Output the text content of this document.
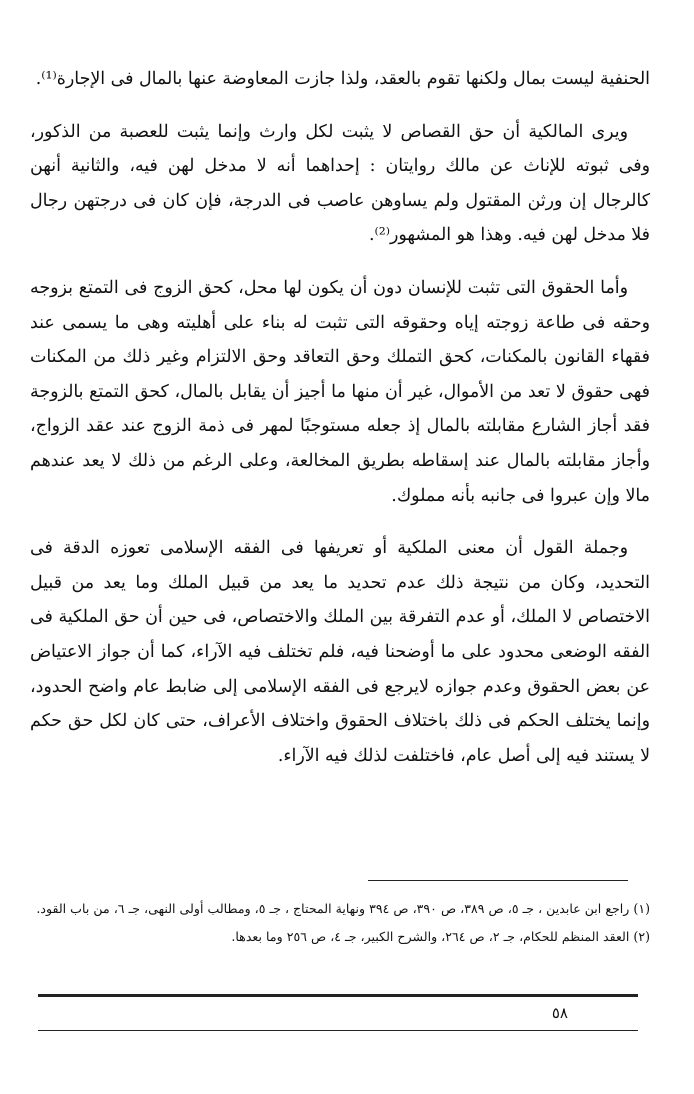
الحنفية ليست بمال ولكنها تقوم بالعقد، ولذا جازت المعاوضة عنها بالمال فى الإجارة⁽¹⁾.

ويرى المالكية أن حق القصاص لا يثبت لكل وارث وإنما يثبت للعصبة من الذكور، وفى ثبوته للإناث عن مالك روايتان : إحداهما أنه لا مدخل لهن فيه، والثانية أنهن كالرجال إن ورثن المقتول ولم يساوهن عاصب فى الدرجة، فإن كان فى درجتهن رجال فلا مدخل لهن فيه. وهذا هو المشهور⁽²⁾.

وأما الحقوق التى تثبت للإنسان دون أن يكون لها محل، كحق الزوج فى التمتع بزوجه وحقه فى طاعة زوجته إياه وحقوقه التى تثبت له بناء على أهليته وهى ما يسمى عند فقهاء القانون بالمكنات، كحق التملك وحق التعاقد وحق الالتزام وغير ذلك من المكنات فهى حقوق لا تعد من الأموال، غير أن منها ما أجيز أن يقابل بالمال، كحق التمتع بالزوجة فقد أجاز الشارع مقابلته بالمال إذ جعله مستوجبًا لمهر فى ذمة الزوج عند عقد الزواج، وأجاز مقابلته بالمال عند إسقاطه بطريق المخالعة، وعلى الرغم من ذلك لا يعد عندهم مالا وإن عبروا فى جانبه بأنه مملوك.

وجملة القول أن معنى الملكية أو تعريفها فى الفقه الإسلامى تعوزه الدقة فى التحديد، وكان من نتيجة ذلك عدم تحديد ما يعد من قبيل الملك وما يعد من قبيل الاختصاص لا الملك، أو عدم التفرقة بين الملك والاختصاص، فى حين أن حق الملكية فى الفقه الوضعى محدود على ما أوضحنا فيه، فلم تختلف فيه الآراء، كما أن جواز الاعتياض عن بعض الحقوق وعدم جوازه لايرجع فى الفقه الإسلامى إلى ضابط عام واضح الحدود، وإنما يختلف الحكم فى ذلك باختلاف الحقوق واختلاف الأعراف، حتى كان لكل حق حكم لا يستند فيه إلى أصل عام، فاختلفت لذلك فيه الآراء.

(١) راجع ابن عابدين ، جـ ٥، ص ٣٨٩، ص ٣٩٠، ص ٣٩٤ ونهاية المحتاج ، جـ ٥، ومطالب أولى النهى، جـ ٦، من باب القود.

(٢) العقد المنظم للحكام، جـ ٢، ص ٢٦٤، والشرح الكبير، جـ ٤، ص ٢٥٦ وما بعدها.

٥٨
